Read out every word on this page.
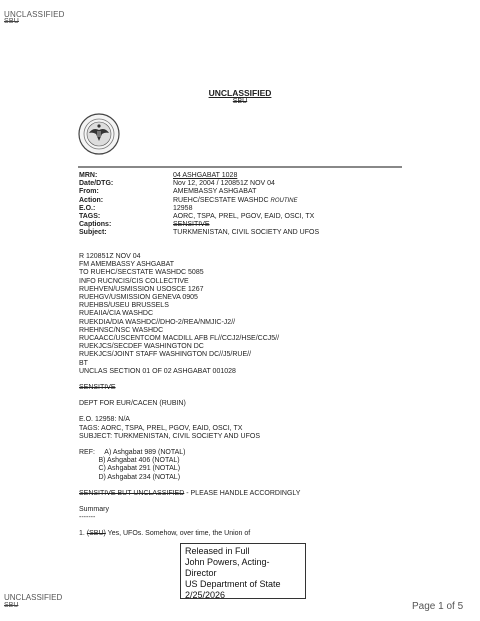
UNCLASSIFIED
SBU
UNCLASSIFIED
SBU
MRN:	04 ASHGABAT 1028
Date/DTG:	Nov 12, 2004 / 120851Z NOV 04
From:	AMEMBASSY ASHGABAT
Action:	RUEHC/SECSTATE WASHDC ROUTINE
E.O.:	12958
TAGS:	AORC, TSPA, PREL, PGOV, EAID, OSCI, TX
Captions:	SENSITIVE
Subject:	TURKMENISTAN, CIVIL SOCIETY AND UFOS
R 120851Z NOV 04
FM AMEMBASSY ASHGABAT
TO RUEHC/SECSTATE WASHDC 5085
INFO RUCNCIS/CIS COLLECTIVE
RUEHVEN/USMISSION USOSCE 1267
RUEHGV/USMISSION GENEVA 0905
RUEHBS/USEU BRUSSELS
RUEAIIA/CIA WASHDC
RUEKDIA/DIA WASHDC//DHO-2/REA/NMJIC-J2//
RHEHNSC/NSC WASHDC
RUCAACC/USCENTCOM MACDILL AFB FL//CCJ2/HSE/CCJ5//
RUEKJCS/SECDEF WASHINGTON DC
RUEKJCS/JOINT STAFF WASHINGTON DC//J5/RUE//
BT
UNCLAS SECTION 01 OF 02 ASHGABAT 001028
SENSITIVE
DEPT FOR EUR/CACEN (RUBIN)
E.O. 12958: N/A
TAGS: AORC, TSPA, PREL, PGOV, EAID, OSCI, TX
SUBJECT: TURKMENISTAN, CIVIL SOCIETY AND UFOS
REF:     A) Ashgabat 989 (NOTAL)
B) Ashgabat 406 (NOTAL)
C) Ashgabat 291 (NOTAL)
D) Ashgabat 234 (NOTAL)
SENSITIVE BUT UNCLASSIFIED - PLEASE HANDLE ACCORDINGLY
Summary
-------
1. (SBU) Yes, UFOs. Somehow, over time, the Union of
Released in Full
John Powers, Acting-Director
US Department of State
2/25/2026
UNCLASSIFIED
SBU	Page 1 of 5
